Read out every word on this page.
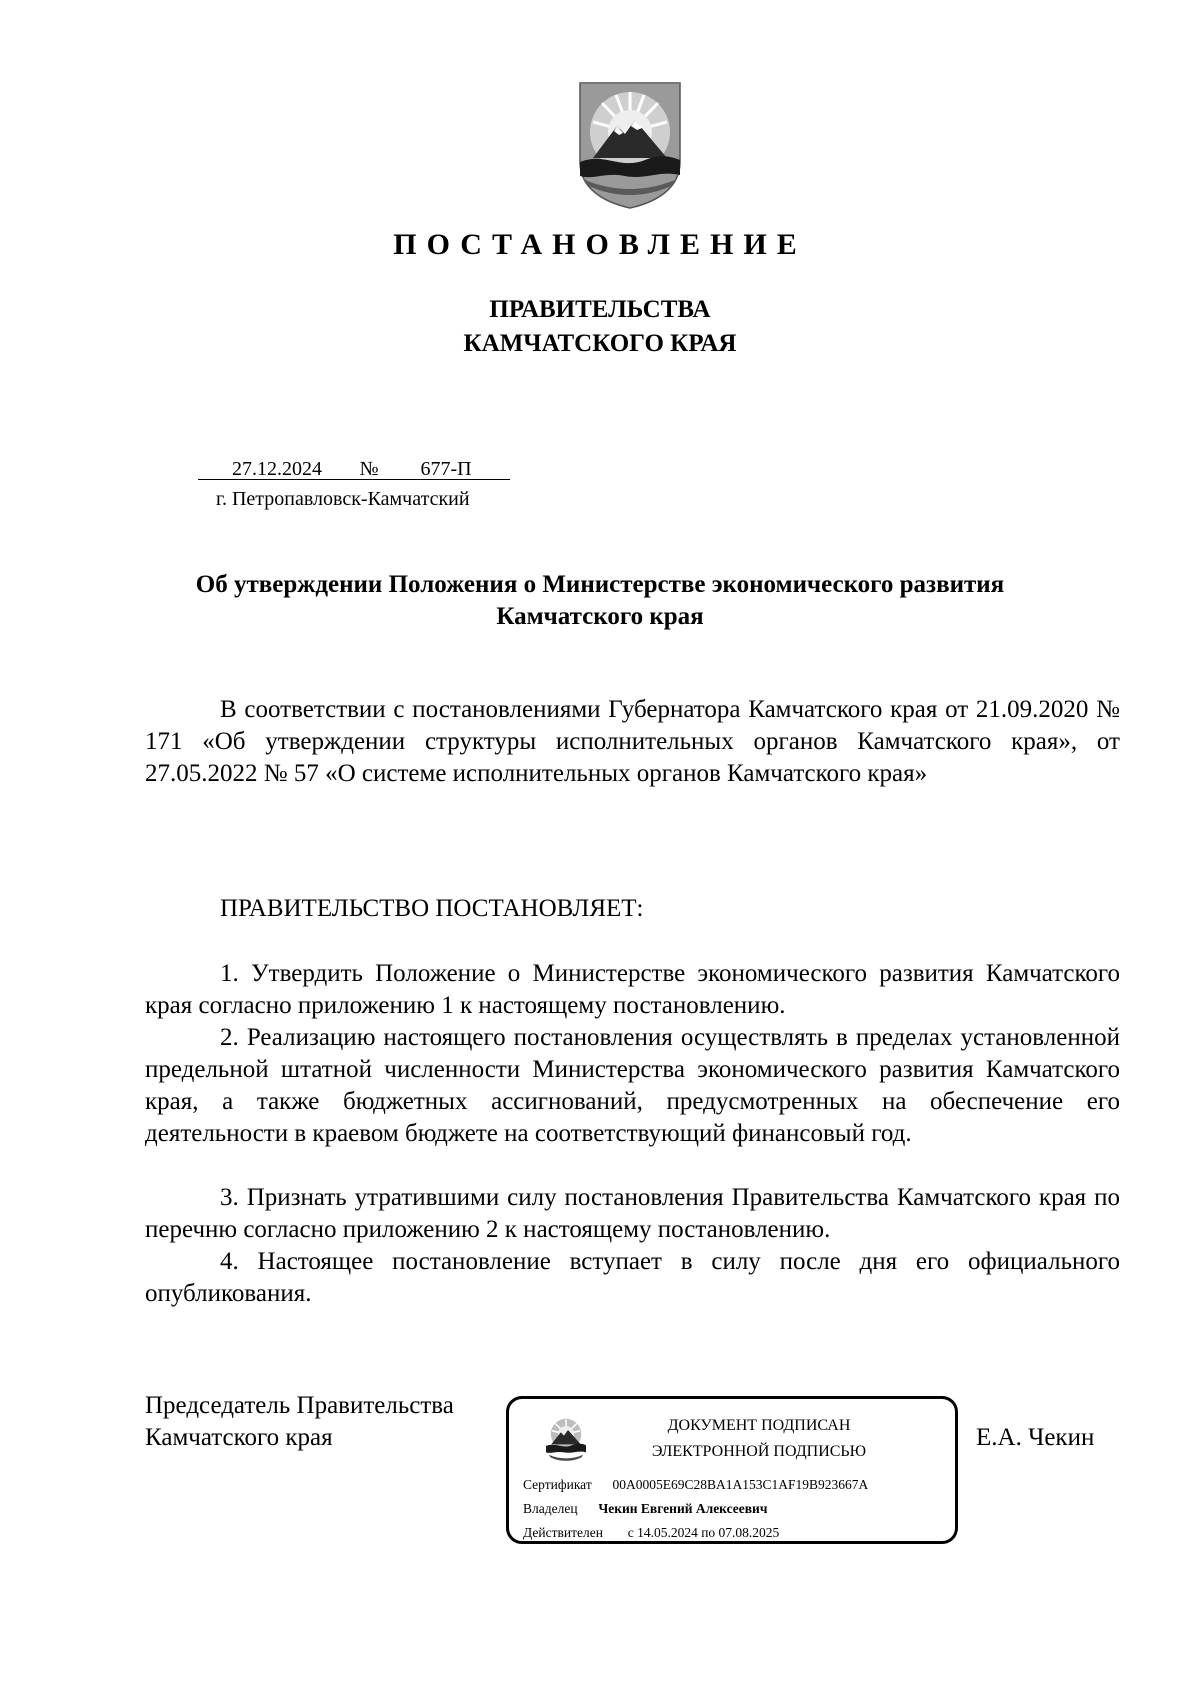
ПОСТАНОВЛЕНИЕ
ПРАВИТЕЛЬСТВА
КАМЧАТСКОГО КРАЯ
27.12.2024 № 677-П
г. Петропавловск-Камчатский
Об утверждении Положения о Министерстве экономического развития
Камчатского края

В соответствии с постановлениями Губернатора Камчатского края от 21.09.2020 № 171 «Об утверждении структуры исполнительных органов Камчатского края», от 27.05.2022 № 57 «О системе исполнительных органов Камчатского края»

ПРАВИТЕЛЬСТВО ПОСТАНОВЛЯЕТ:

1. Утвердить Положение о Министерстве экономического развития Камчатского края согласно приложению 1 к настоящему постановлению.

2. Реализацию настоящего постановления осуществлять в пределах установленной предельной штатной численности Министерства экономического развития Камчатского края, а также бюджетных ассигнований, предусмотренных на обеспечение его деятельности в краевом бюджете на соответствующий финансовый год.

3. Признать утратившими силу постановления Правительства Камчатского края по перечню согласно приложению 2 к настоящему постановлению.

4. Настоящее постановление вступает в силу после дня его официального опубликования.

Председатель Правительства
Камчатского края	Е.А. Чекин
ДОКУМЕНТ ПОДПИСАН
ЭЛЕКТРОННОЙ ПОДПИСЬЮ
Сертификат 00A0005E69C28BA1A153C1AF19B923667A
Владелец Чекин Евгений Алексеевич
Действителен с 14.05.2024 по 07.08.2025
